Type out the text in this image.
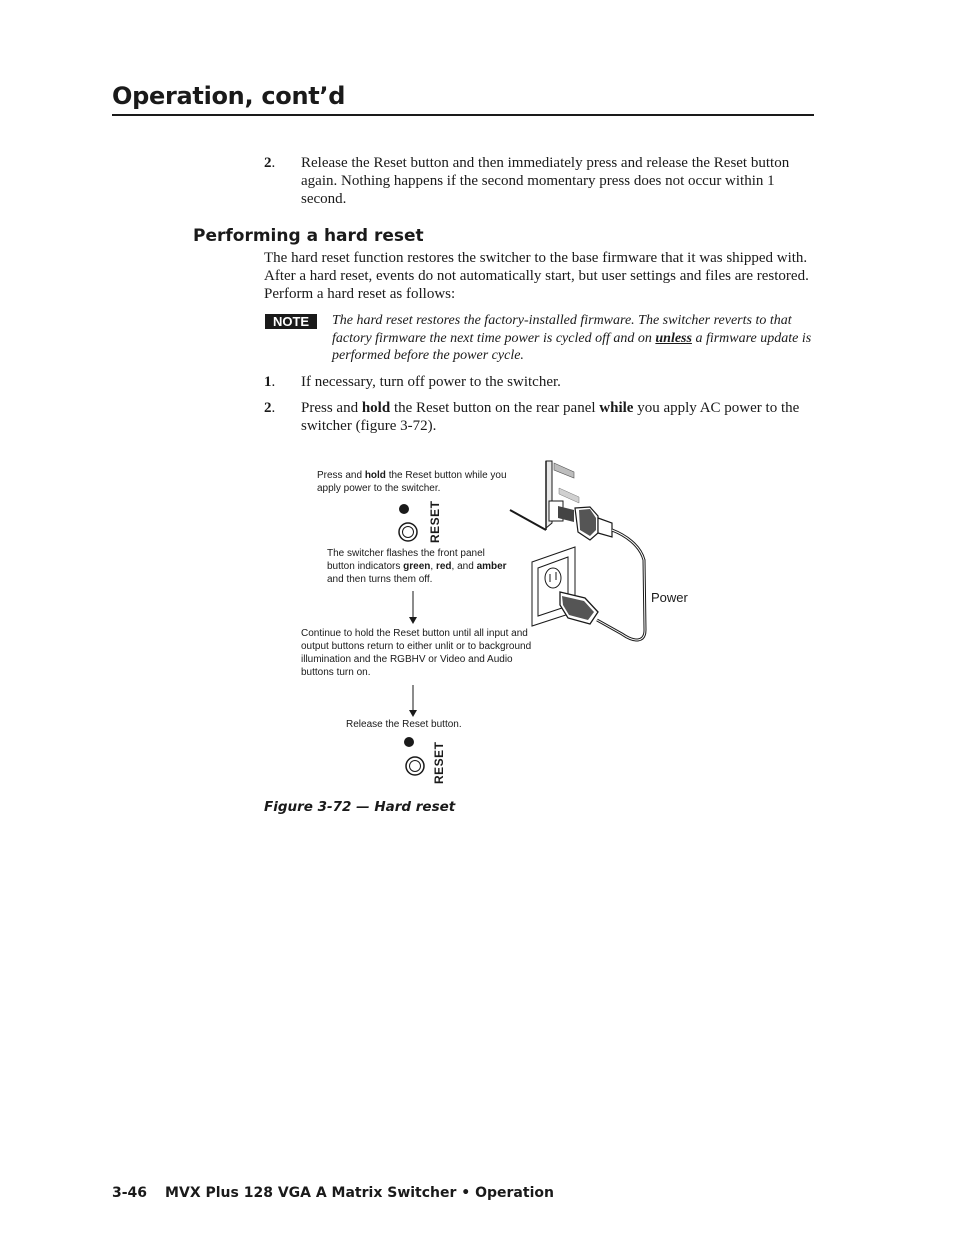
Operation, cont’d
2. Release the Reset button and then immediately press and release the Reset button again. Nothing happens if the second momentary press does not occur within 1 second.
Performing a hard reset
The hard reset function restores the switcher to the base firmware that it was shipped with. After a hard reset, events do not automatically start, but user settings and files are restored. Perform a hard reset as follows:
NOTE	The hard reset restores the factory-installed firmware. The switcher reverts to that factory firmware the next time power is cycled off and on unless a firmware update is performed before the power cycle.
1. If necessary, turn off power to the switcher.
2. Press and hold the Reset button on the rear panel while you apply AC power to the switcher (figure 3-72).
Press and hold the Reset button while you apply power to the switcher.
RESET
The switcher flashes the front panel button indicators green, red, and amber and then turns them off.
Continue to hold the Reset button until all input and output buttons return to either unlit or to background illumination and the RGBHV or Video and Audio buttons turn on.
Release the Reset button.
RESET
Power
Figure 3-72 — Hard reset
3-46 MVX Plus 128 VGA A Matrix Switcher • Operation
